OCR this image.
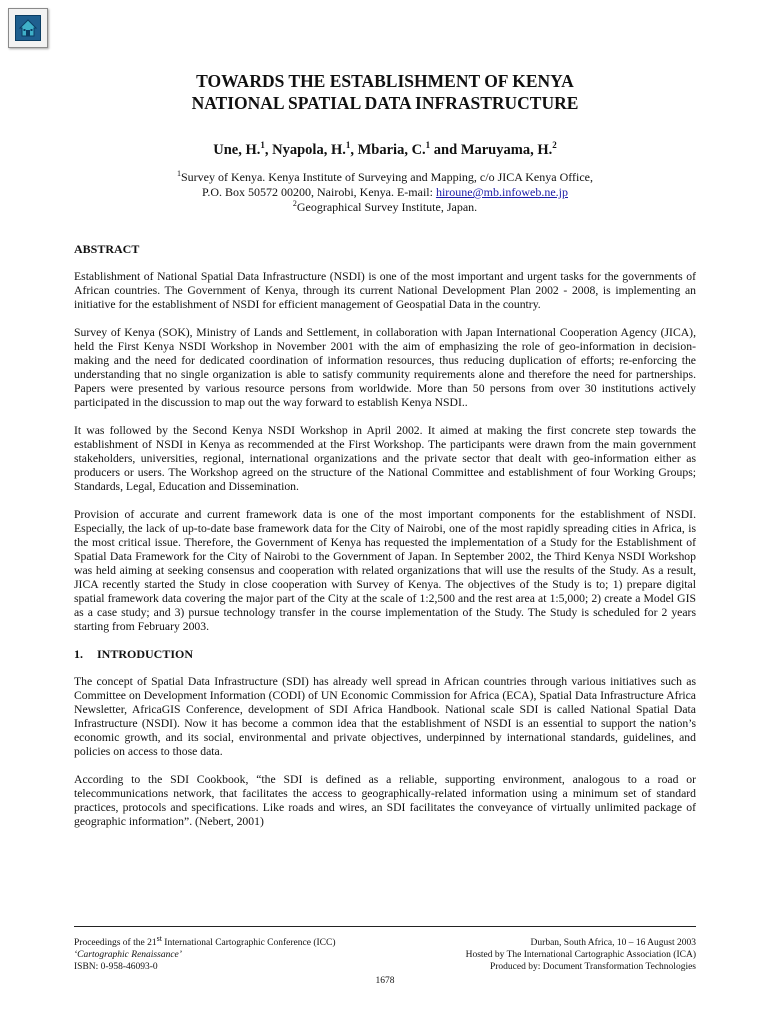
TOWARDS THE ESTABLISHMENT OF KENYA
NATIONAL SPATIAL DATA INFRASTRUCTURE
Une, H.$^1$, Nyapola, H.$^1$, Mbaria, C.$^1$ and Maruyama, H.$^2$
$^1$Survey of Kenya. Kenya Institute of Surveying and Mapping, c/o JICA Kenya Office,
P.O. Box 50572 00200, Nairobi, Kenya. E-mail: hiroune@mb.infoweb.ne.jp
$^2$Geographical Survey Institute, Japan.
ABSTRACT

Establishment of National Spatial Data Infrastructure (NSDI) is one of the most important and urgent tasks for the governments of African countries. The Government of Kenya, through its current National Development Plan 2002 - 2008, is implementing an initiative for the establishment of NSDI for efficient management of Geospatial Data in the country.

Survey of Kenya (SOK), Ministry of Lands and Settlement, in collaboration with Japan International Cooperation Agency (JICA), held the First Kenya NSDI Workshop in November 2001 with the aim of emphasizing the role of geo-information in decision-making and the need for dedicated coordination of information resources, thus reducing duplication of efforts; re-enforcing the understanding that no single organization is able to satisfy community requirements alone and therefore the need for partnerships. Papers were presented by various resource persons from worldwide. More than 50 persons from over 30 institutions actively participated in the discussion to map out the way forward to establish Kenya NSDI..

It was followed by the Second Kenya NSDI Workshop in April 2002. It aimed at making the first concrete step towards the establishment of NSDI in Kenya as recommended at the First Workshop. The participants were drawn from the main government stakeholders, universities, regional, international organizations and the private sector that dealt with geo-information either as producers or users. The Workshop agreed on the structure of the National Committee and establishment of four Working Groups; Standards, Legal, Education and Dissemination.

Provision of accurate and current framework data is one of the most important components for the establishment of NSDI. Especially, the lack of up-to-date base framework data for the City of Nairobi, one of the most rapidly spreading cities in Africa, is the most critical issue. Therefore, the Government of Kenya has requested the implementation of a Study for the Establishment of Spatial Data Framework for the City of Nairobi to the Government of Japan. In September 2002, the Third Kenya NSDI Workshop was held aiming at seeking consensus and cooperation with related organizations that will use the results of the Study. As a result, JICA recently started the Study in close cooperation with Survey of Kenya. The objectives of the Study is to; 1) prepare digital spatial framework data covering the major part of the City at the scale of 1:2,500 and the rest area at 1:5,000; 2) create a Model GIS as a case study; and 3) pursue technology transfer in the course implementation of the Study. The Study is scheduled for 2 years starting from February 2003.

1. INTRODUCTION

The concept of Spatial Data Infrastructure (SDI) has already well spread in African countries through various initiatives such as Committee on Development Information (CODI) of UN Economic Commission for Africa (ECA), Spatial Data Infrastructure Africa Newsletter, AfricaGIS Conference, development of SDI Africa Handbook. National scale SDI is called National Spatial Data Infrastructure (NSDI). Now it has become a common idea that the establishment of NSDI is an essential to support the nation’s economic growth, and its social, environmental and private objectives, underpinned by international standards, guidelines, and policies on access to those data.

According to the SDI Cookbook, “the SDI is defined as a reliable, supporting environment, analogous to a road or telecommunications network, that facilitates the access to geographically-related information using a minimum set of standard practices, protocols and specifications. Like roads and wires, an SDI facilitates the conveyance of virtually unlimited package of geographic information”. (Nebert, 2001)

Proceedings of the 21st International Cartographic Conference (ICC)	Durban, South Africa, 10 – 16 August 2003
‘Cartographic Renaissance’	Hosted by The International Cartographic Association (ICA)
ISBN: 0-958-46093-0	Produced by: Document Transformation Technologies
1678
